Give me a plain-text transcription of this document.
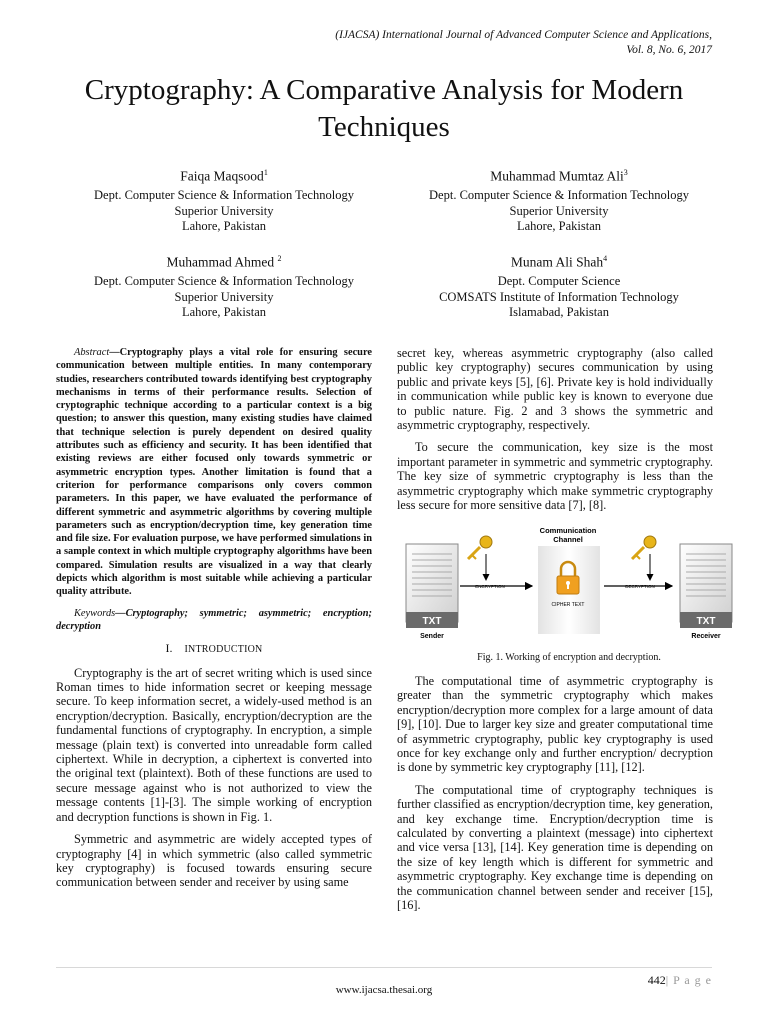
(IJACSA) International Journal of Advanced Computer Science and Applications,
Vol. 8, No. 6, 2017
Cryptography: A Comparative Analysis for Modern
Techniques
Faiqa Maqsood$^1$
Dept. Computer Science & Information Technology
Superior University
Lahore, Pakistan
Muhammad Mumtaz Ali$^3$
Dept. Computer Science & Information Technology
Superior University
Lahore, Pakistan
Muhammad Ahmed $^2$
Dept. Computer Science & Information Technology
Superior University
Lahore, Pakistan
Munam Ali Shah$^4$
Dept. Computer Science
COMSATS Institute of Information Technology
Islamabad, Pakistan

Abstract—Cryptography plays a vital role for ensuring secure communication between multiple entities. In many contemporary studies, researchers contributed towards identifying best cryptography mechanisms in terms of their performance results. Selection of cryptographic technique according to a particular context is a big question; to answer this question, many existing studies have claimed that technique selection is purely dependent on desired quality attributes such as efficiency and security. It has been identified that existing reviews are either focused only towards symmetric or asymmetric encryption types. Another limitation is found that a criterion for performance comparisons only covers common parameters. In this paper, we have evaluated the performance of different symmetric and asymmetric algorithms by covering multiple parameters such as encryption/decryption time, key generation time and file size. For evaluation purpose, we have performed simulations in a sample context in which multiple cryptography algorithms have been compared. Simulation results are visualized in a way that clearly depicts which algorithm is most suitable while achieving a particular quality attribute.

Keywords—Cryptography; symmetric; asymmetric; encryption; decryption

I. INTRODUCTION

Cryptography is the art of secret writing which is used since Roman times to hide information secret or keeping message secure. To keep information secret, a widely-used method is an encryption/decryption. Basically, encryption/decryption are the fundamental functions of cryptography. In encryption, a simple message (plain text) is converted into unreadable form called ciphertext. While in decryption, a ciphertext is converted into the original text (plaintext). Both of these functions are used to secure message against who is not authorized to view the message contents [1]-[3]. The simple working of encryption and decryption functions is shown in Fig. 1.

Symmetric and asymmetric are widely accepted types of cryptography [4] in which symmetric (also called symmetric key cryptography) is focused towards ensuring secure communication between sender and receiver by using same

secret key, whereas asymmetric cryptography (also called public key cryptography) secures communication by using public and private keys [5], [6]. Private key is hold individually in communication while public key is known to everyone due to public nature. Fig. 2 and 3 shows the symmetric and asymmetric cryptography, respectively.

To secure the communication, key size is the most important parameter in symmetric and symmetric cryptography. The key size of symmetric cryptography is less than the asymmetric cryptography which make symmetric cryptography less secure for more sensitive data [7], [8].

TXT
Sender
ENCRYPTION
Communication
Channel
CIPHER TEXT
DECRYPTION
TXT
Receiver
Fig. 1. Working of encryption and decryption.

The computational time of asymmetric cryptography is greater than the symmetric cryptography which makes encryption/decryption more complex for a large amount of data [9], [10]. Due to larger key size and greater computational time of asymmetric cryptography, public key cryptography is used once for key exchange only and further encryption/ decryption is done by symmetric key cryptography [11], [12].

The computational time of cryptography techniques is further classified as encryption/decryption time, key generation, and key exchange time. Encryption/decryption time is calculated by converting a plaintext (message) into ciphertext and vice versa [13], [14]. Key generation time is depending on the size of key length which is different for symmetric and asymmetric cryptography. Key exchange time is depending on the communication channel between sender and receiver [15], [16].

442| P a g e
www.ijacsa.thesai.org
